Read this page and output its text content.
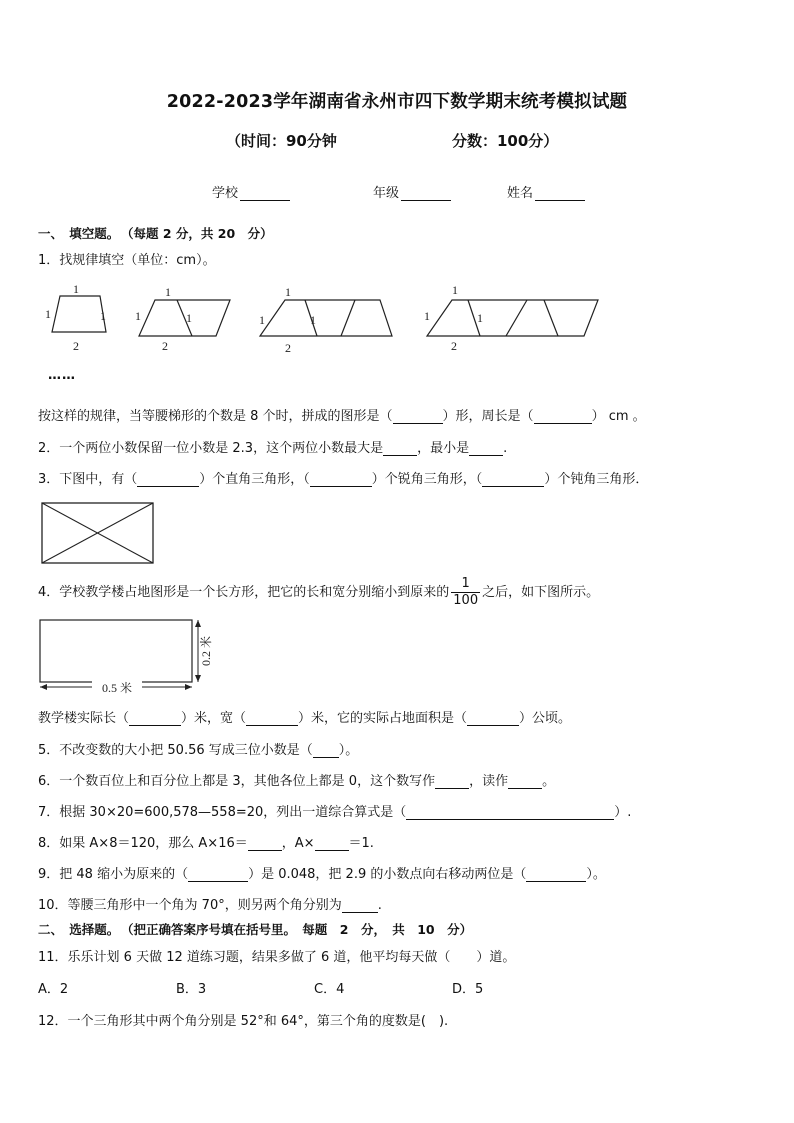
2022-2023学年湖南省永州市四下数学期末统考模拟试题
（时间：90分钟	分数：100分）
学校	年级	姓名
一、　填空题。 （每题 2 分，共 20　分）
1．找规律填空（单位：cm）。
1
1	1
2
1
1	1
2
1
1	1
2
1
1	1
2
……
按这样的规律，当等腰梯形的个数是 8 个时，拼成的图形是（	）形，周长是（	） cm 。
2．一个两位小数保留一位小数是 2.3，这个两位小数最大是	，最小是	.
3．下图中，有（	）个直角三角形，（	）个锐角三角形，（	）个钝角三角形．
4．学校教学楼占地图形是一个长方形，把它的长和宽分别缩小到原来的 $\frac{1}{100}$ 之后，如下图所示。
0.5 米
0.2 米
教学楼实际长（	）米，宽（	）米，它的实际占地面积是（	）公顷。
5．不改变数的大小把 50.56 写成三位小数是（ ）。
6．一个数百位上和百分位上都是 3，其他各位上都是 0，这个数写作	，读作	。
7．根据 30×20=600,578—558=20，列出一道综合算式是（	）.
8．如果 A×8＝120，那么 A×16＝	，A×	＝1.
9．把 48 缩小为原来的（	）是 0.048，把 2.9 的小数点向右移动两位是（	）。
10．等腰三角形中一个角为 70°，则另两个角分别为	.
二、　选择题。 （把正确答案序号填在括号里。　每题　2　分，　共　10　分）
11．乐乐计划 6 天做 12 道练习题，结果多做了 6 道，他平均每天做（　　）道。
A．2	B．3	C．4	D．5
12．一个三角形其中两个角分别是 52°和 64°，第三个角的度数是(　).
